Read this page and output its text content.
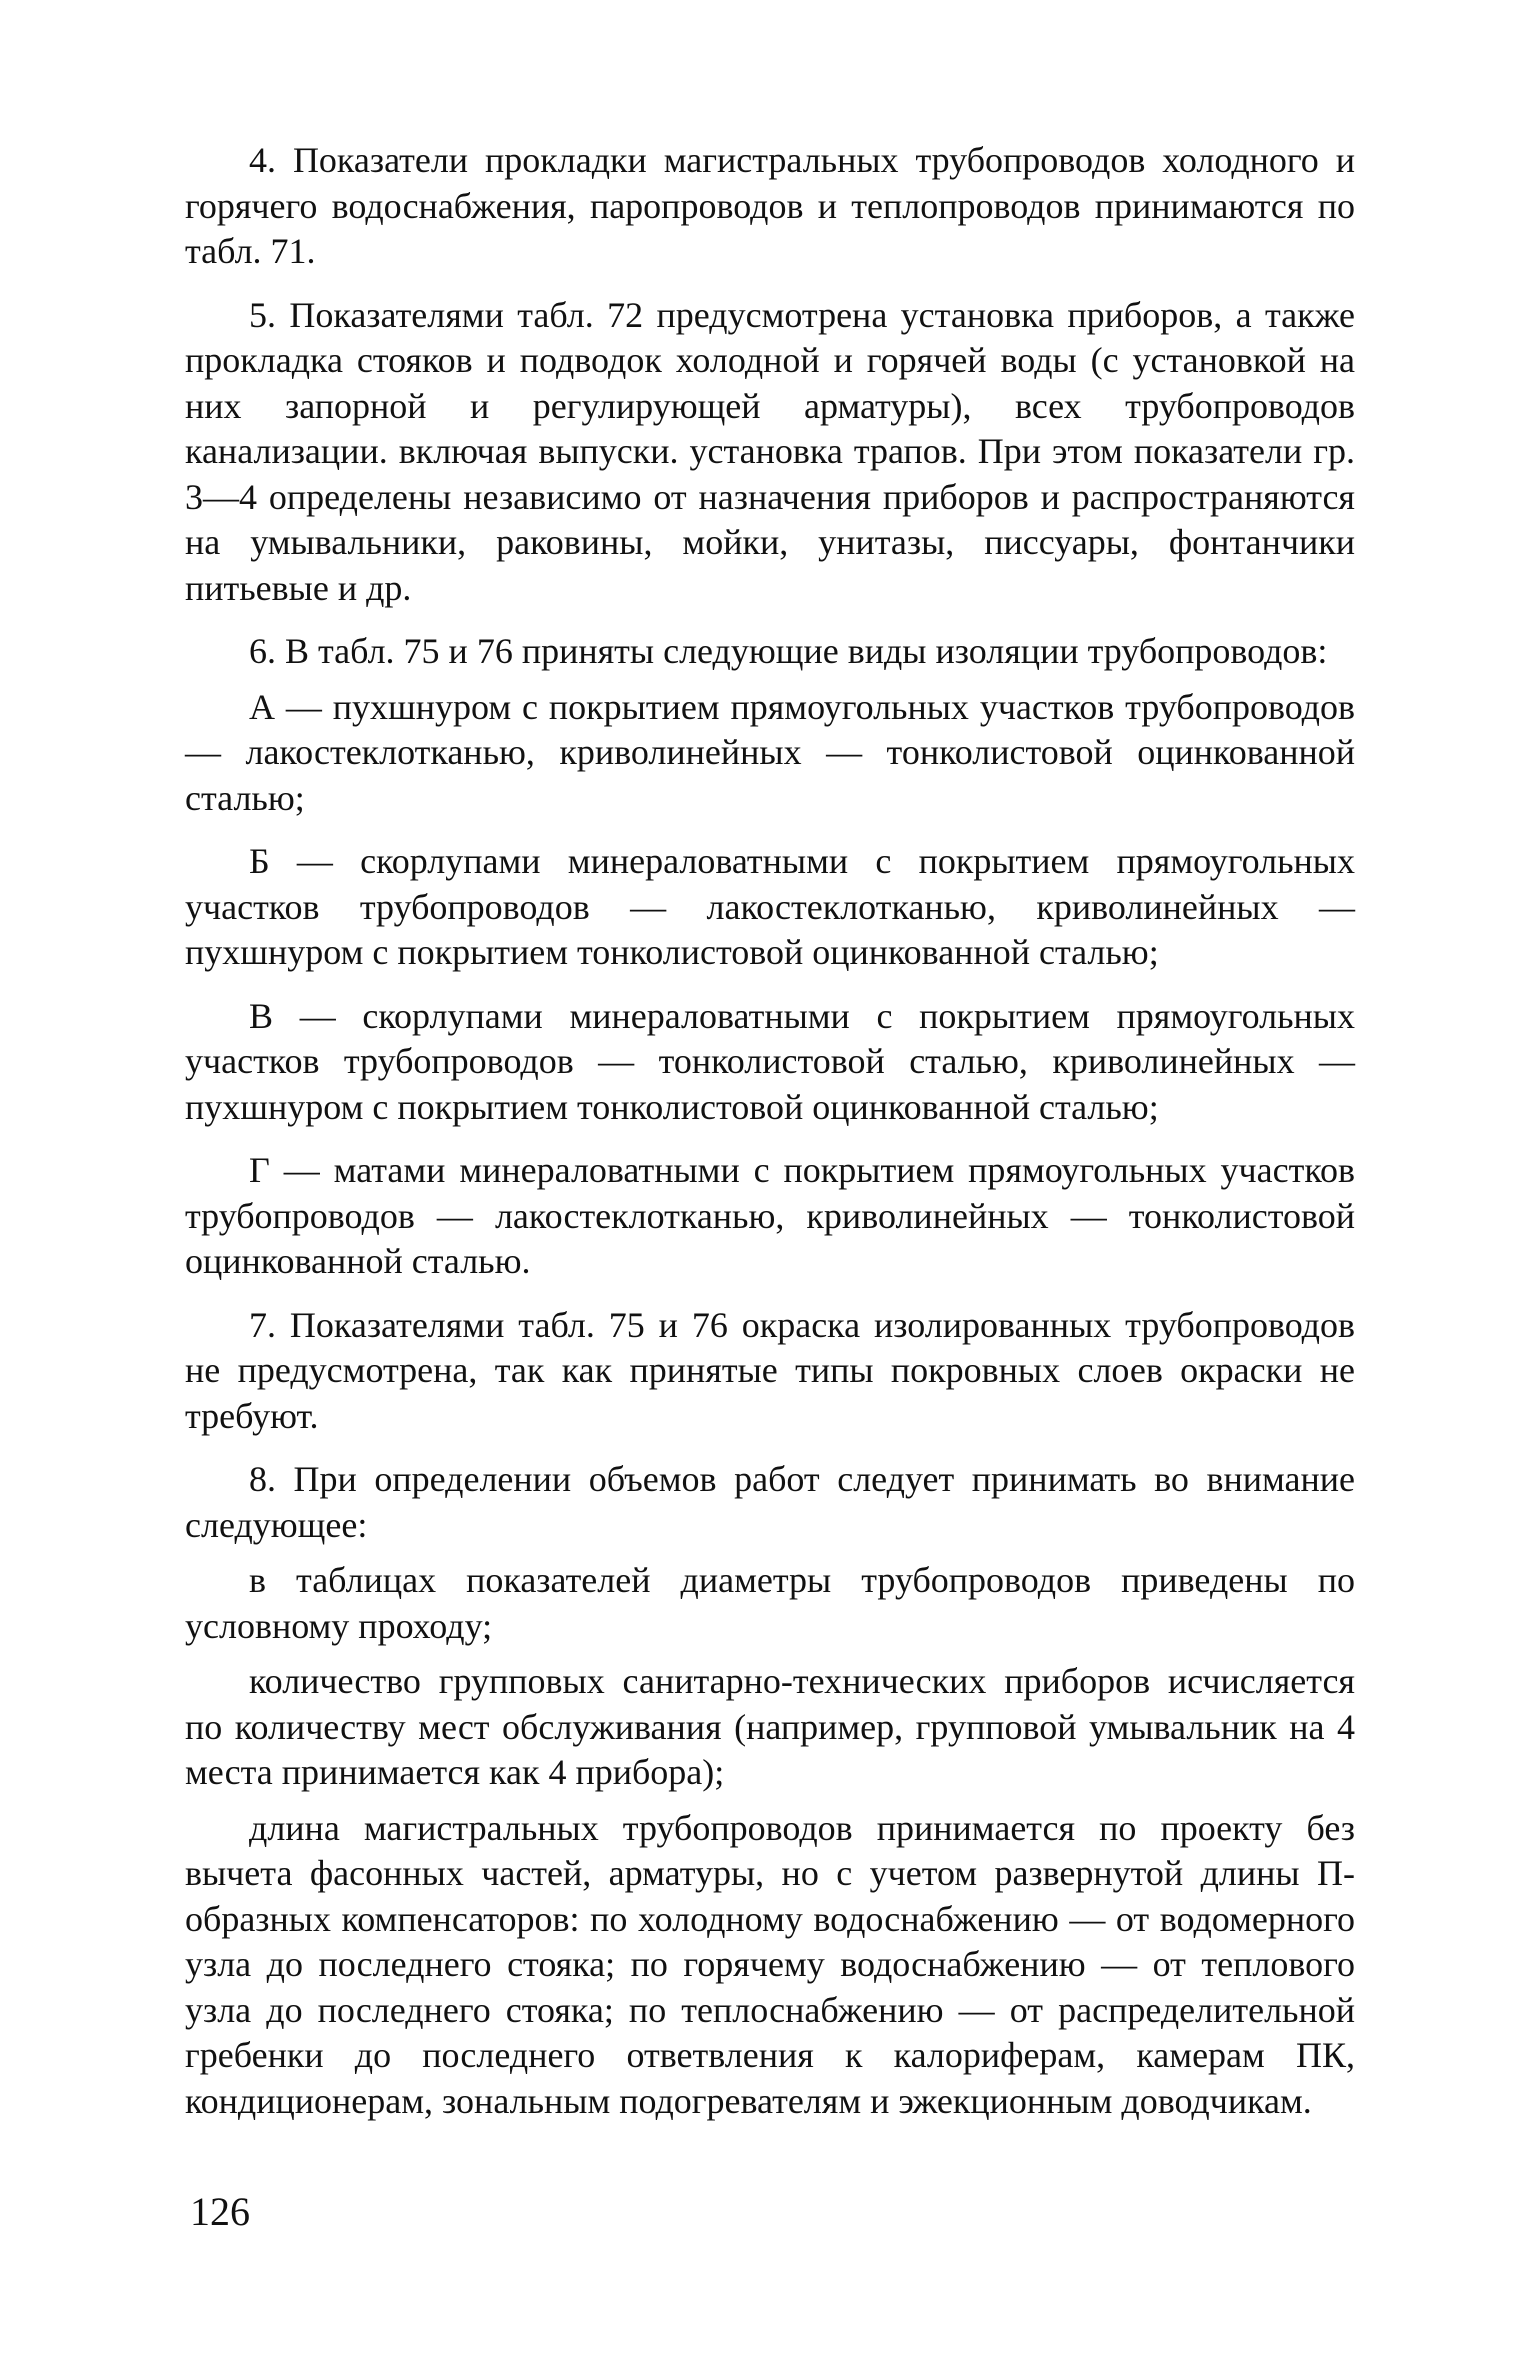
4. Показатели прокладки магистральных трубопроводов холодного и горячего водоснабжения, паропроводов и теплопроводов принимаются по табл. 71.

5. Показателями табл. 72 предусмотрена установка приборов, а также прокладка стояков и подводок холодной и горячей воды (с установкой на них запорной и регулирующей арматуры), всех трубопроводов канализации. включая выпуски. установка трапов. При этом показатели гр. 3—4 определены независимо от назначения приборов и распространяются на умывальники, раковины, мойки, унитазы, писсуары, фонтанчики питьевые и др.

6. В табл. 75 и 76 приняты следующие виды изоляции трубопроводов:

А — пухшнуром с покрытием прямоугольных участков трубопроводов — лакостеклотканью, криволинейных — тонколистовой оцинкованной сталью;

Б — скорлупами минераловатными с покрытием прямоугольных участков трубопроводов — лакостеклотканью, криволинейных — пухшнуром с покрытием тонколистовой оцинкованной сталью;

В — скорлупами минераловатными с покрытием прямоугольных участков трубопроводов — тонколистовой сталью, криволинейных — пухшнуром с покрытием тонколистовой оцинкованной сталью;

Г — матами минераловатными с покрытием прямоугольных участков трубопроводов — лакостеклотканью, криволинейных — тонколистовой оцинкованной сталью.

7. Показателями табл. 75 и 76 окраска изолированных трубопроводов не предусмотрена, так как принятые типы покровных слоев окраски не требуют.

8. При определении объемов работ следует принимать во внимание следующее:

в таблицах показателей диаметры трубопроводов приведены по условному проходу;

количество групповых санитарно-технических приборов исчисляется по количеству мест обслуживания (например, групповой умывальник на 4 места принимается как 4 прибора);

длина магистральных трубопроводов принимается по проекту без вычета фасонных частей, арматуры, но с учетом развернутой длины П-образных компенсаторов: по холодному водоснабжению — от водомерного узла до последнего стояка; по горячему водоснабжению — от теплового узла до последнего стояка; по теплоснабжению — от распределительной гребенки до последнего ответвления к калориферам, камерам ПК, кондиционерам, зональным подогревателям и эжекционным доводчикам.

126
